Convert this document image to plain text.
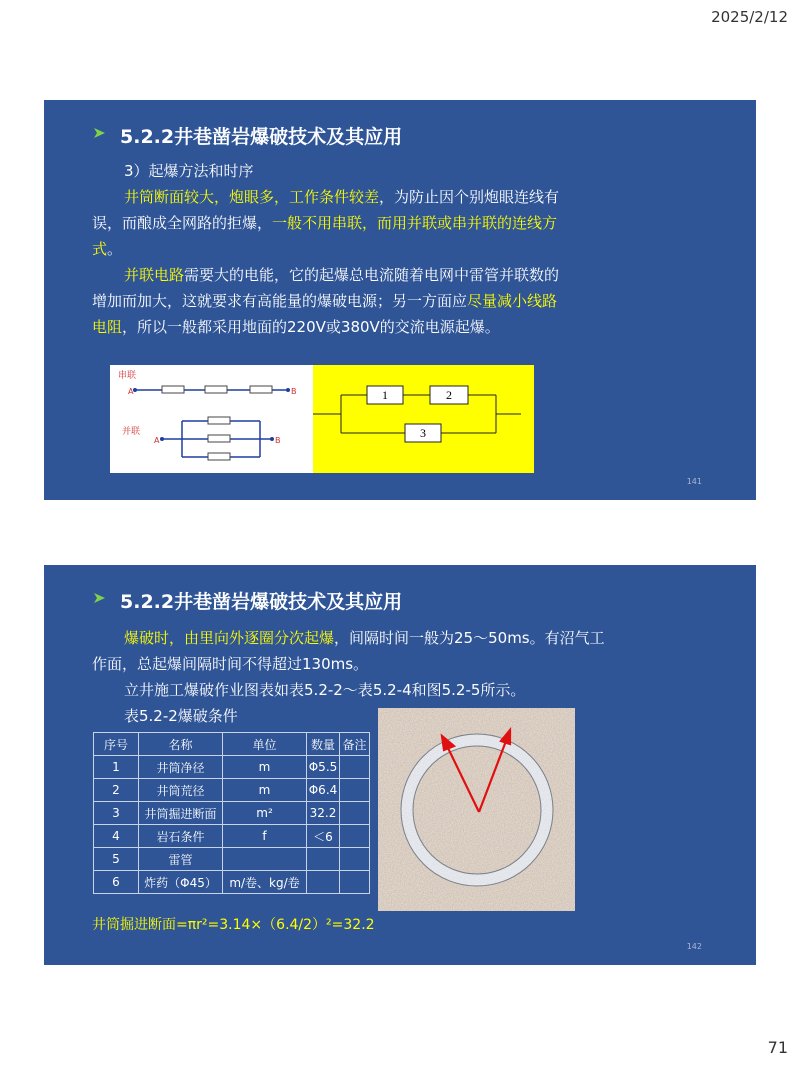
2025/2/12
5.2.2井巷凿岩爆破技术及其应用
3）起爆方法和时序
井筒断面较大，炮眼多，工作条件较差，为防止因个别炮眼连线有误，而酿成全网路的拒爆，一般不用串联，而用并联或串并联的连线方式。
并联电路需要大的电能，它的起爆总电流随着电网中雷管并联数的增加而加大，这就要求有高能量的爆破电源；另一方面应尽量减小线路电阻，所以一般都采用地面的220V或380V的交流电源起爆。
串联
A	B
并联
A	B
1	2
3
141
5.2.2井巷凿岩爆破技术及其应用
爆破时，由里向外逐圈分次起爆，间隔时间一般为25～50ms。有沼气工作面，总起爆间隔时间不得超过130ms。
立井施工爆破作业图表如表5.2-2～表5.2-4和图5.2-5所示。
表5.2-2爆破条件
序号	名称	单位	数量	备注
1	井筒净径	m	Φ5.5	
2	井筒荒径	m	Φ6.4	
3	井筒掘进断面	m²	32.2	
4	岩石条件	f	＜6	
5	雷管			
6	炸药（Φ45）	m/卷、kg/卷		
井筒掘进断面=πr²=3.14×（6.4/2）²=32.2
142
71
